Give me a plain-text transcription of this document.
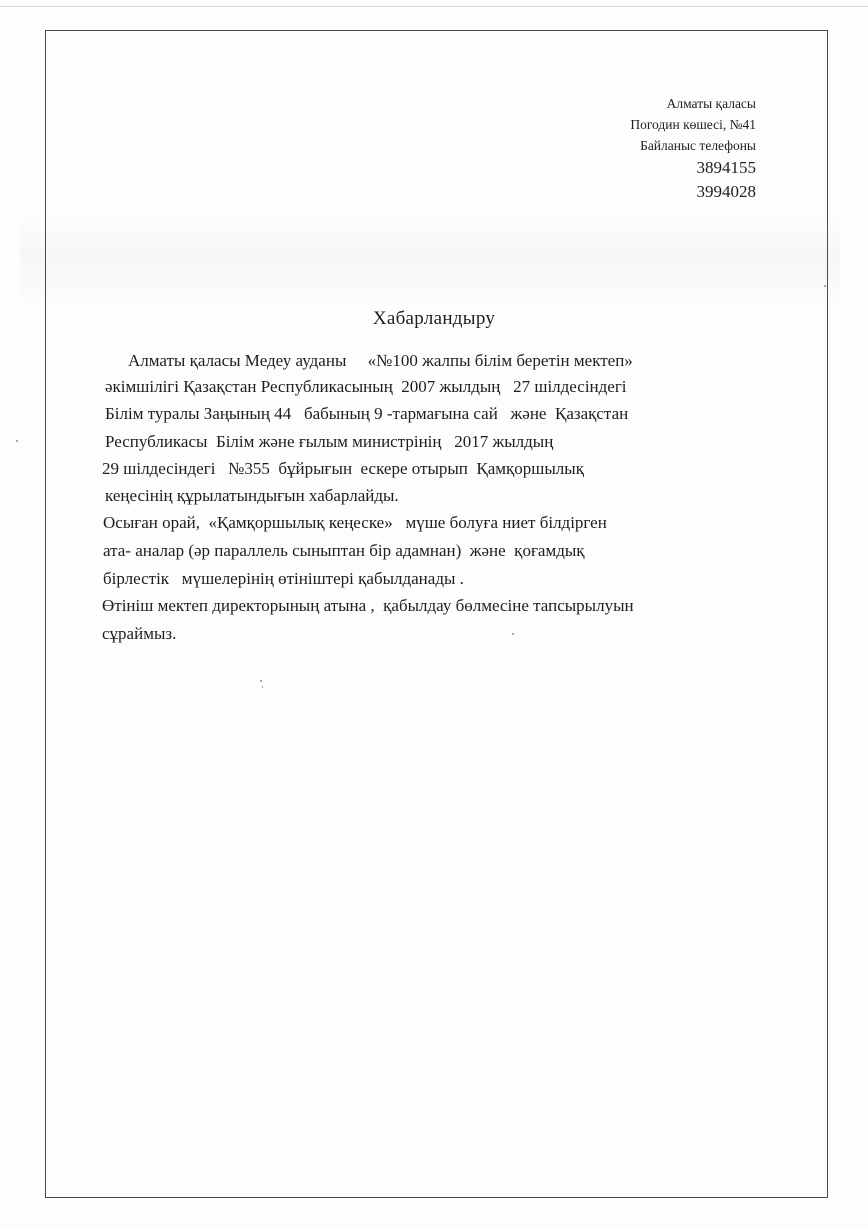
Алматы қаласы
Погодин көшесі, №41
Байланыс телефоны
3894155
3994028
Хабарландыру
Алматы қаласы Медеу ауданы     «№100 жалпы білім беретін мектеп»
әкімшілігі Қазақстан Республикасының  2007 жылдың   27 шілдесіндегі
Білім туралы Заңының 44   бабының 9 -тармағына сай   және  Қазақстан
Республикасы  Білім және ғылым министрінің   2017 жылдың
29 шілдесіндегі   №355  бұйрығын  ескере отырып  Қамқоршылық
кеңесінің құрылатындығын хабарлайды.
Осыған орай,  «Қамқоршылық кеңеске»   мүше болуға ниет білдірген
ата- аналар (әр параллель сыныптан бір адамнан)  және  қоғамдық
бірлестік   мүшелерінің өтініштері қабылданады .
Өтініш мектеп директорының атына ,  қабылдау бөлмесіне тапсырылуын
сұраймыз.
